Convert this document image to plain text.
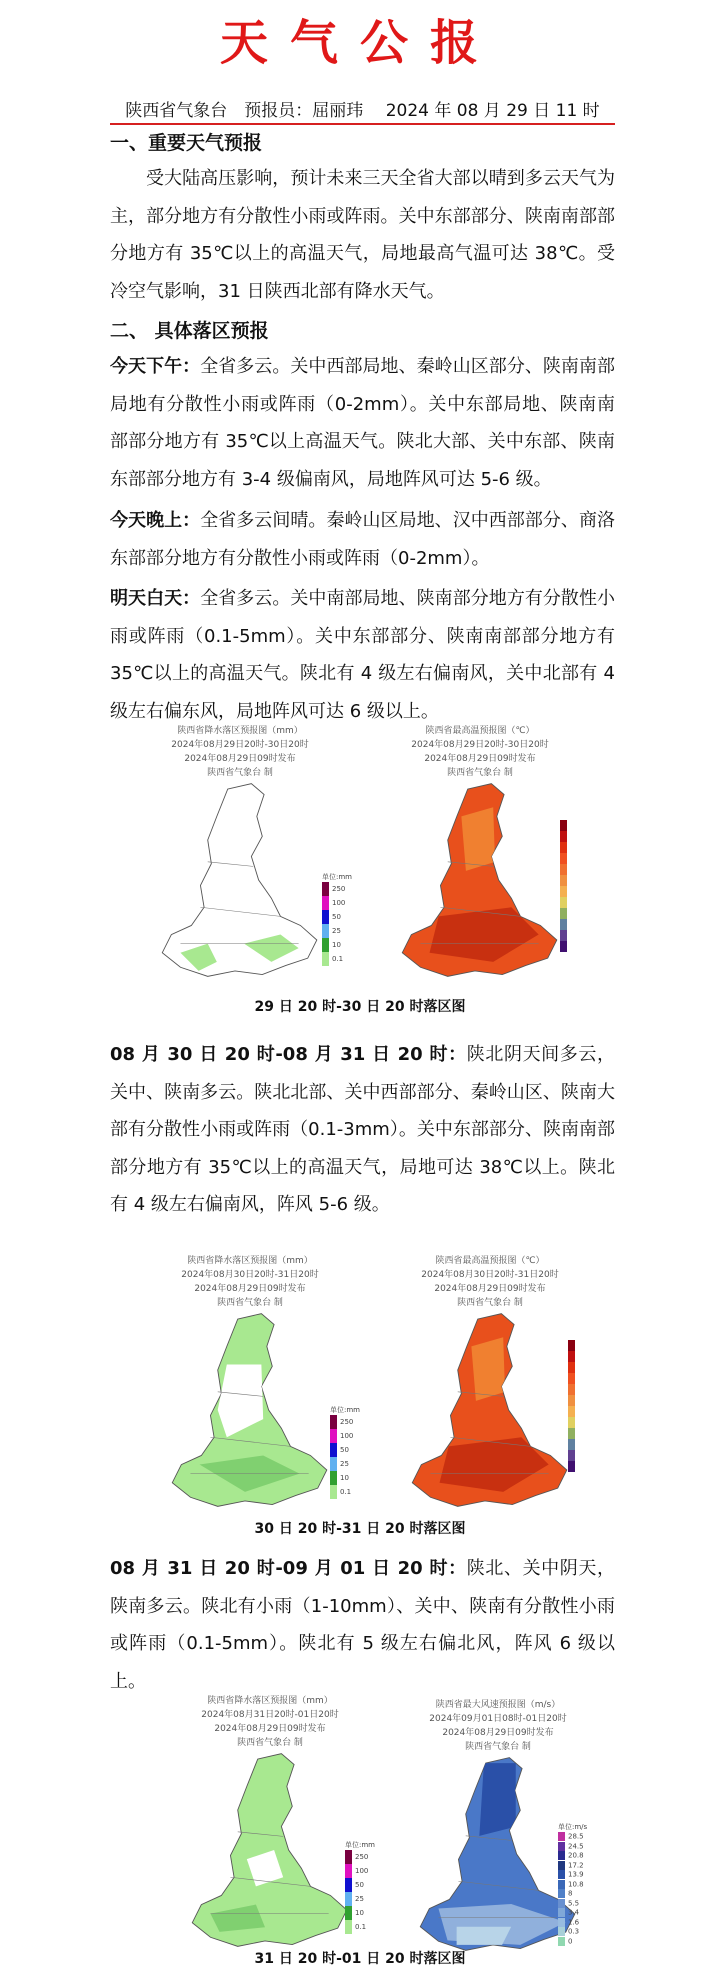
天气公报
陕西省气象台　预报员：屈丽玮　 2024 年 08 月 29 日 11 时
一、重要天气预报
受大陆高压影响，预计未来三天全省大部以晴到多云天气为主，部分地方有分散性小雨或阵雨。关中东部部分、陕南南部部分地方有 35℃以上的高温天气，局地最高气温可达 38℃。受冷空气影响，31 日陕西北部有降水天气。
二、 具体落区预报
今天下午：全省多云。关中西部局地、秦岭山区部分、陕南南部局地有分散性小雨或阵雨（0-2mm）。关中东部局地、陕南南部部分地方有 35℃以上高温天气。陕北大部、关中东部、陕南东部部分地方有 3-4 级偏南风，局地阵风可达 5-6 级。
今天晚上：全省多云间晴。秦岭山区局地、汉中西部部分、商洛东部部分地方有分散性小雨或阵雨（0-2mm）。
明天白天：全省多云。关中南部局地、陕南部分地方有分散性小雨或阵雨（0.1-5mm）。关中东部部分、陕南南部部分地方有 35℃以上的高温天气。陕北有 4 级左右偏南风，关中北部有 4 级左右偏东风，局地阵风可达 6 级以上。
陕西省降水落区预报图（mm）
2024年08月29日20时-30日20时
2024年08月29日09时发布
陕西省气象台 制
陕西省最高温预报图（℃）
2024年08月29日20时-30日20时
2024年08月29日09时发布
陕西省气象台 制
单位:mm
250
100
50
25
10
0.1
29 日 20 时-30 日 20 时落区图
08 月 30 日 20 时-08 月 31 日 20 时：陕北阴天间多云，关中、陕南多云。陕北北部、关中西部部分、秦岭山区、陕南大部有分散性小雨或阵雨（0.1-3mm）。关中东部部分、陕南南部部分地方有 35℃以上的高温天气，局地可达 38℃以上。陕北有 4 级左右偏南风，阵风 5-6 级。
陕西省降水落区预报图（mm）
2024年08月30日20时-31日20时
2024年08月29日09时发布
陕西省气象台 制
陕西省最高温预报图（℃）
2024年08月30日20时-31日20时
2024年08月29日09时发布
陕西省气象台 制
单位:mm
250
100
50
25
10
0.1
30 日 20 时-31 日 20 时落区图
08 月 31 日 20 时-09 月 01 日 20 时：陕北、关中阴天，陕南多云。陕北有小雨（1-10mm）、关中、陕南有分散性小雨或阵雨（0.1-5mm）。陕北有 5 级左右偏北风，阵风 6 级以上。
陕西省降水落区预报图（mm）
2024年08月31日20时-01日20时
2024年08月29日09时发布
陕西省气象台 制
陕西省最大风速预报图（m/s）
2024年09月01日08时-01日20时
2024年08月29日09时发布
陕西省气象台 制
单位:mm
250
100
50
25
10
0.1
单位:m/s
28.5
24.5
20.8
17.2
13.9
10.8
8
5.5
3.4
1.6
0.3
0
31 日 20 时-01 日 20 时落区图
